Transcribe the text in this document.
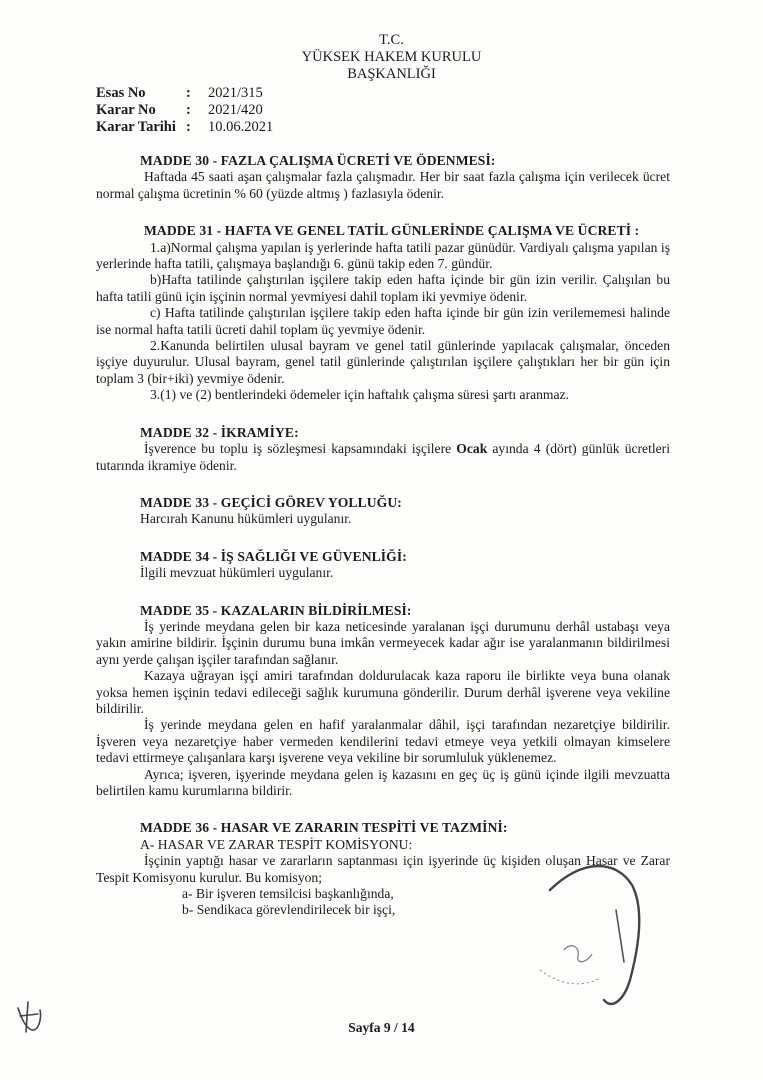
T.C.
YÜKSEK HAKEM KURULU
BAŞKANLIĞI
Esas No	:	2021/315
Karar No	:	2021/420
Karar Tarihi :	10.06.2021

MADDE 30 - FAZLA ÇALIŞMA ÜCRETİ VE ÖDENMESİ:

Haftada 45 saati aşan çalışmalar fazla çalışmadır. Her bir saat fazla çalışma için verilecek ücret normal çalışma ücretinin % 60 (yüzde altmış ) fazlasıyla ödenir.

MADDE 31 - HAFTA VE GENEL TATİL GÜNLERİNDE ÇALIŞMA VE ÜCRETİ :

1.a)Normal çalışma yapılan iş yerlerinde hafta tatili pazar günüdür. Vardiyalı çalışma yapılan iş yerlerinde hafta tatili, çalışmaya başlandığı 6. günü takip eden 7. gündür.

b)Hafta tatilinde çalıştırılan işçilere takip eden hafta içinde bir gün izin verilir. Çalışılan bu hafta tatili günü için işçinin normal yevmiyesi dahil toplam iki yevmiye ödenir.

c) Hafta tatilinde çalıştırılan işçilere takip eden hafta içinde bir gün izin verilememesi halinde ise normal hafta tatili ücreti dahil toplam üç yevmiye ödenir.

2.Kanunda belirtilen ulusal bayram ve genel tatil günlerinde yapılacak çalışmalar, önceden işçiye duyurulur. Ulusal bayram, genel tatil günlerinde çalıştırılan işçilere çalıştıkları her bir gün için toplam 3 (bir+iki) yevmiye ödenir.

3.(1) ve (2) bentlerindeki ödemeler için haftalık çalışma süresi şartı aranmaz.

MADDE 32 - İKRAMİYE:

İşverence bu toplu iş sözleşmesi kapsamındaki işçilere Ocak ayında 4 (dört) günlük ücretleri tutarında ikramiye ödenir.

MADDE 33 - GEÇİCİ GÖREV YOLLUĞU:

Harcırah Kanunu hükümleri uygulanır.

MADDE 34 - İŞ SAĞLIĞI VE GÜVENLİĞİ:

İlgili mevzuat hükümleri uygulanır.

MADDE 35 - KAZALARIN BİLDİRİLMESİ:

İş yerinde meydana gelen bir kaza neticesinde yaralanan işçi durumunu derhâl ustabaşı veya yakın amirine bildirir. İşçinin durumu buna imkân vermeyecek kadar ağır ise yaralanmanın bildirilmesi aynı yerde çalışan işçiler tarafından sağlanır.

Kazaya uğrayan işçi amiri tarafından doldurulacak kaza raporu ile birlikte veya buna olanak yoksa hemen işçinin tedavi edileceği sağlık kurumuna gönderilir. Durum derhâl işverene veya vekiline bildirilir.

İş yerinde meydana gelen en hafif yaralanmalar dâhil, işçi tarafından nezaretçiye bildirilir. İşveren veya nezaretçiye haber vermeden kendilerini tedavi etmeye veya yetkili olmayan kimselere tedavi ettirmeye çalışanlara karşı işverene veya vekiline bir sorumluluk yüklenemez.

Ayrıca; işveren, işyerinde meydana gelen iş kazasını en geç üç iş günü içinde ilgili mevzuatta belirtilen kamu kurumlarına bildirir.

MADDE 36 - HASAR VE ZARARIN TESPİTİ VE TAZMİNİ:

A- HASAR VE ZARAR TESPİT KOMİSYONU:

İşçinin yaptığı hasar ve zararların saptanması için işyerinde üç kişiden oluşan Hasar ve Zarar Tespit Komisyonu kurulur. Bu komisyon;

a- Bir işveren temsilcisi başkanlığında,

b- Sendikaca görevlendirilecek bir işçi,

Sayfa 9 / 14
